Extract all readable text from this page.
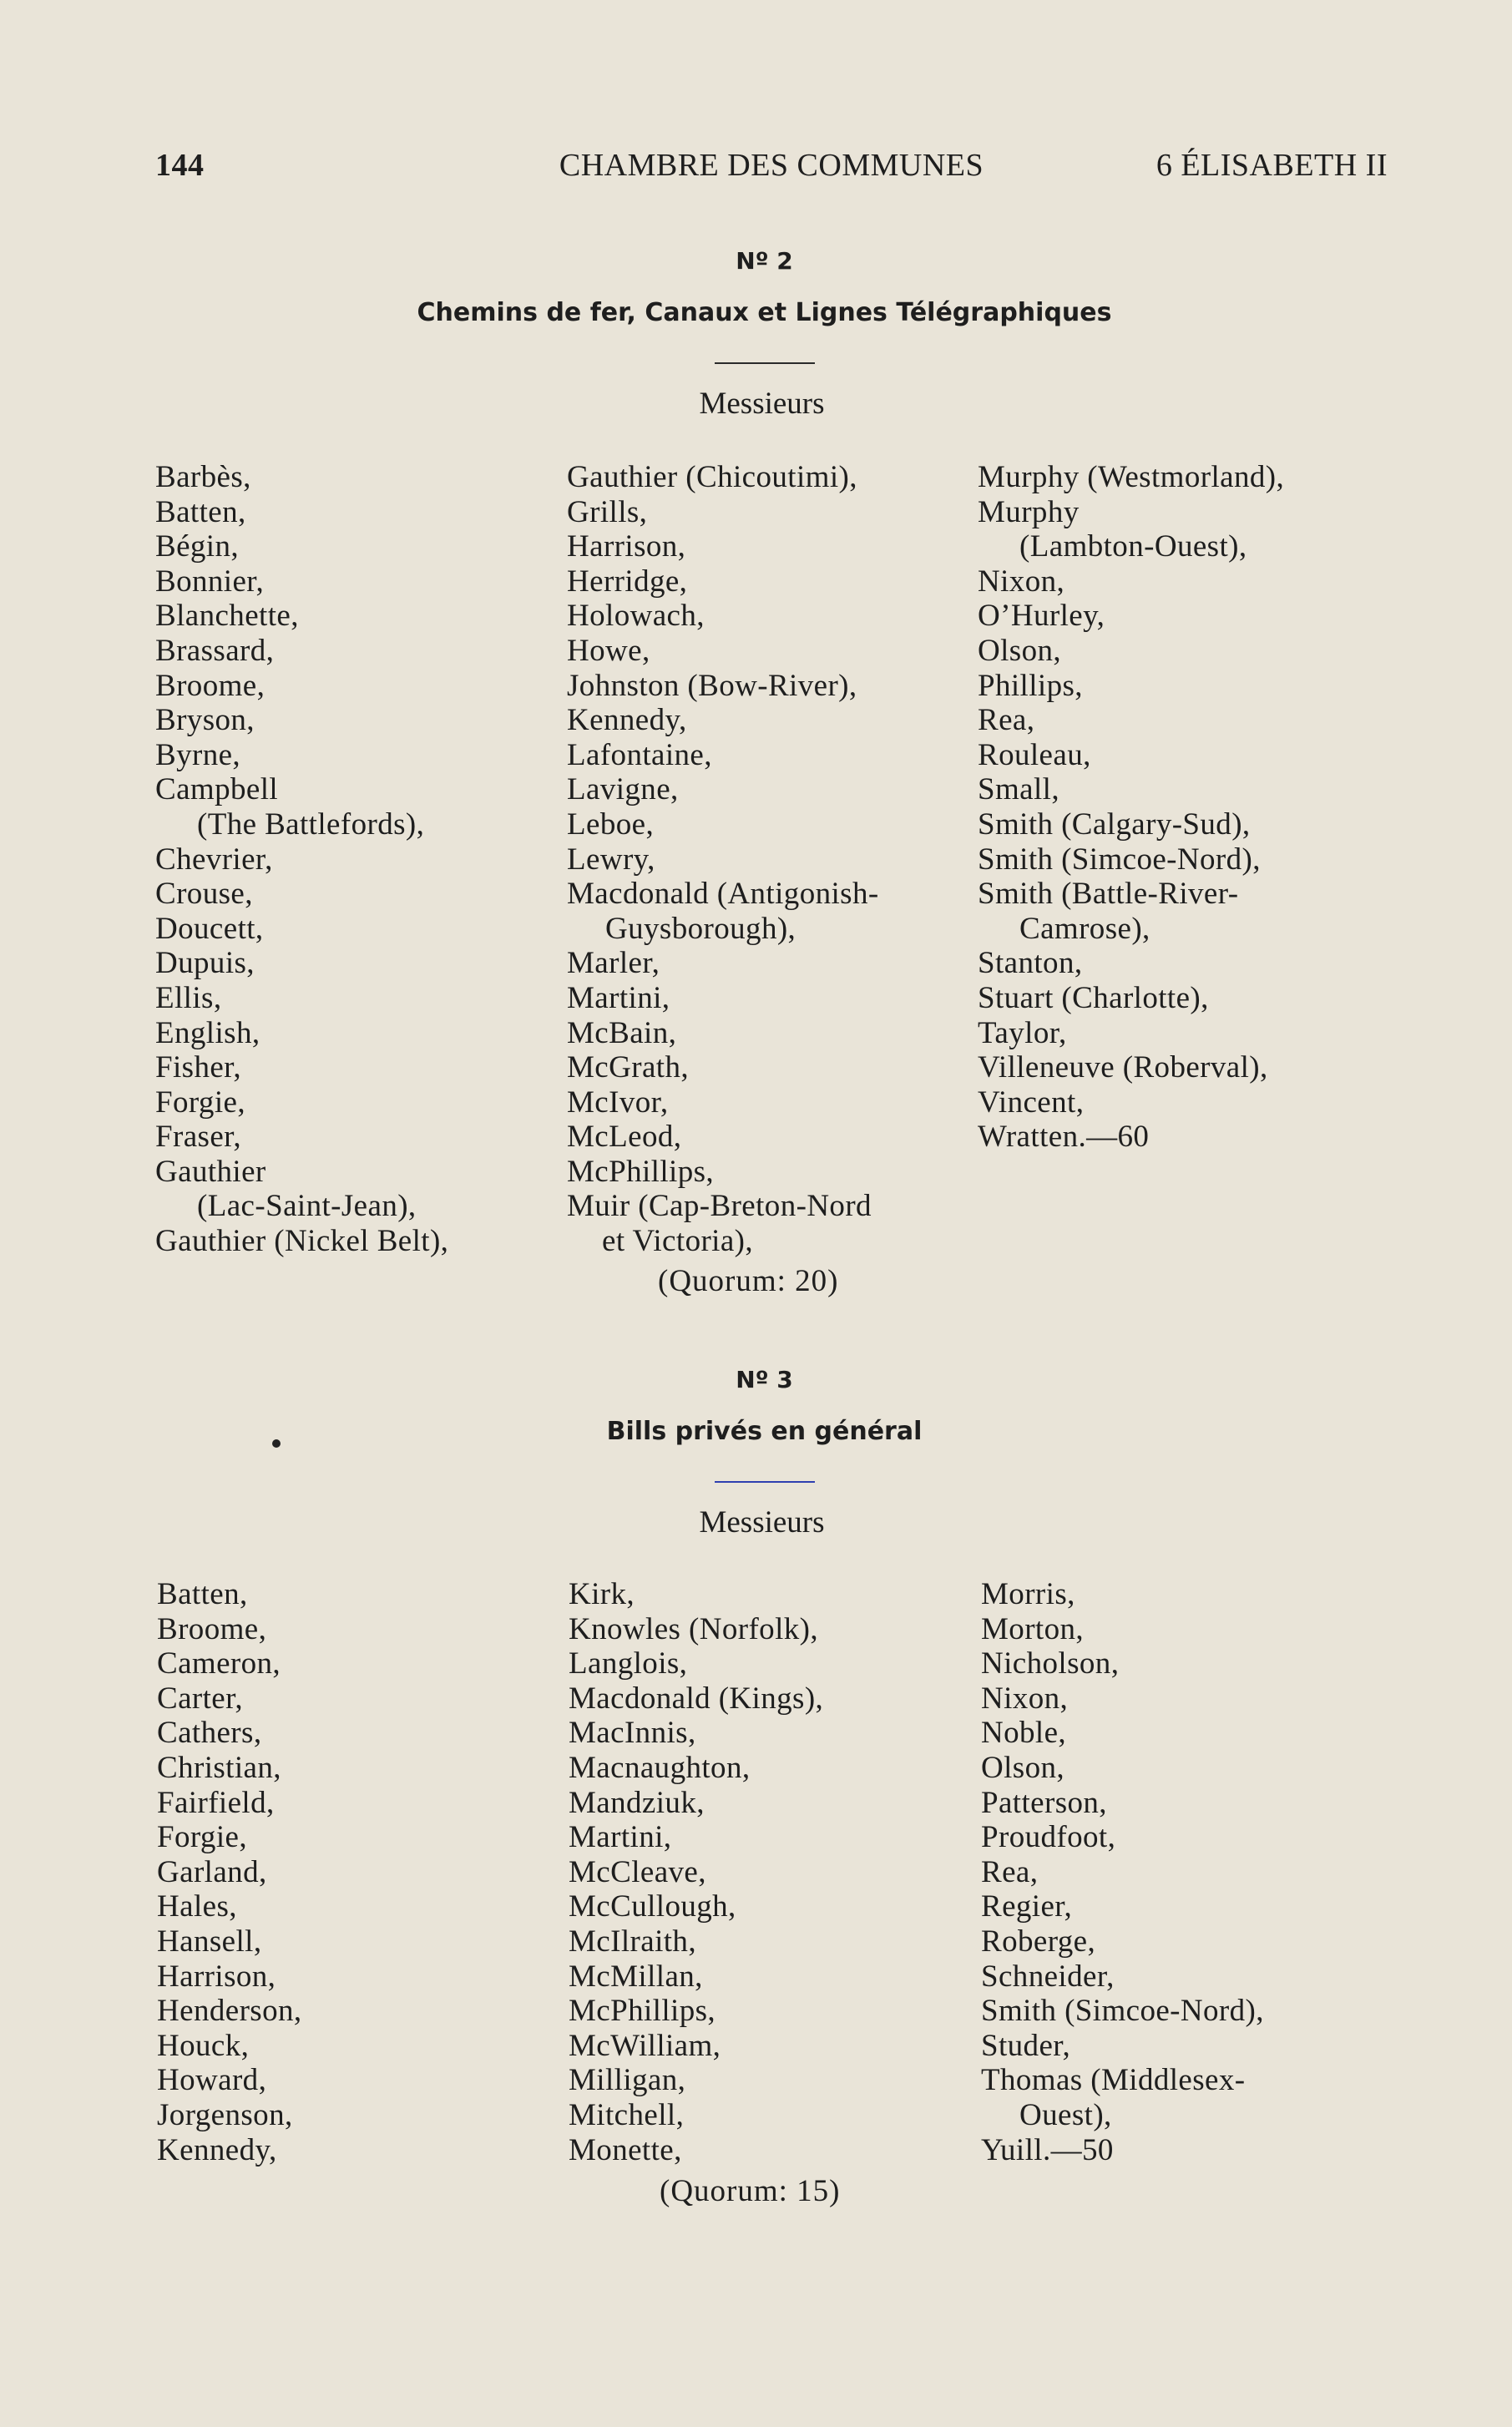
144	CHAMBRE DES COMMUNES	6 ÉLISABETH II
Nº 2
Chemins de fer, Canaux et Lignes Télégraphiques
Messieurs
Barbès,
Batten,
Bégin,
Bonnier,
Blanchette,
Brassard,
Broome,
Bryson,
Byrne,
Campbell
(The Battlefords),
Chevrier,
Crouse,
Doucett,
Dupuis,
Ellis,
English,
Fisher,
Forgie,
Fraser,
Gauthier
(Lac-Saint-Jean),
Gauthier (Nickel Belt),
Gauthier (Chicoutimi),
Grills,
Harrison,
Herridge,
Holowach,
Howe,
Johnston (Bow-River),
Kennedy,
Lafontaine,
Lavigne,
Leboe,
Lewry,
Macdonald (Antigonish-
Guysborough),
Marler,
Martini,
McBain,
McGrath,
McIvor,
McLeod,
McPhillips,
Muir (Cap-Breton-Nord
et Victoria),
Murphy (Westmorland),
Murphy
(Lambton-Ouest),
Nixon,
O’Hurley,
Olson,
Phillips,
Rea,
Rouleau,
Small,
Smith (Calgary-Sud),
Smith (Simcoe-Nord),
Smith (Battle-River-
Camrose),
Stanton,
Stuart (Charlotte),
Taylor,
Villeneuve (Roberval),
Vincent,
Wratten.—60
(Quorum: 20)
Nº 3
Bills privés en général
Messieurs
Batten,
Broome,
Cameron,
Carter,
Cathers,
Christian,
Fairfield,
Forgie,
Garland,
Hales,
Hansell,
Harrison,
Henderson,
Houck,
Howard,
Jorgenson,
Kennedy,
Kirk,
Knowles (Norfolk),
Langlois,
Macdonald (Kings),
MacInnis,
Macnaughton,
Mandziuk,
Martini,
McCleave,
McCullough,
McIlraith,
McMillan,
McPhillips,
McWilliam,
Milligan,
Mitchell,
Monette,
Morris,
Morton,
Nicholson,
Nixon,
Noble,
Olson,
Patterson,
Proudfoot,
Rea,
Regier,
Roberge,
Schneider,
Smith (Simcoe-Nord),
Studer,
Thomas (Middlesex-
Ouest),
Yuill.—50
(Quorum: 15)
